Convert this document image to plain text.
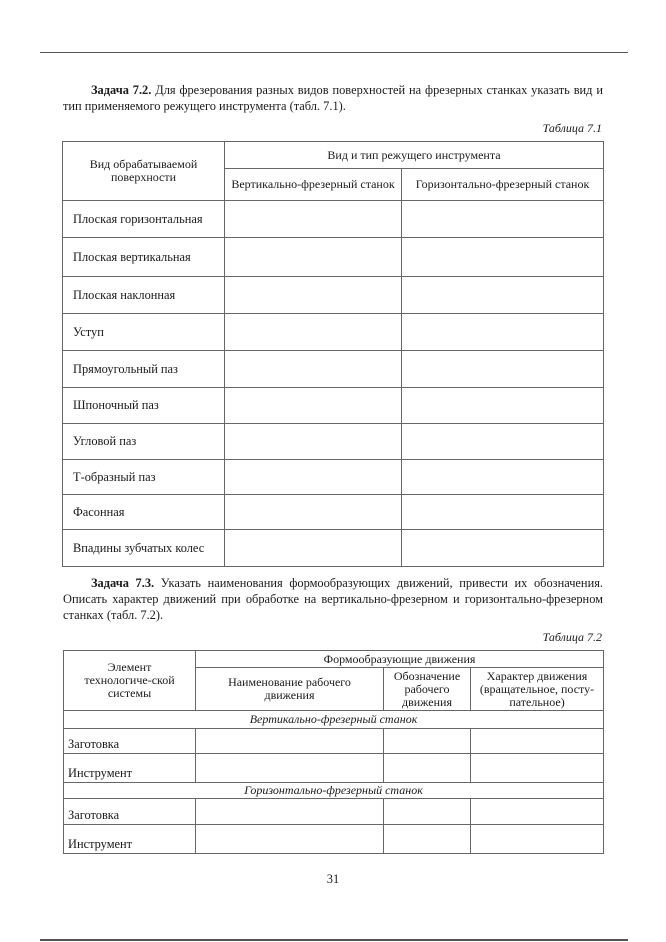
Задача 7.2. Для фрезерования разных видов поверхностей на фрезерных станках указать вид и тип применяемого режущего инструмента (табл. 7.1).
Таблица 7.1
Вид обрабатываемой поверхности	Вид и тип режущего инструмента	
	Вертикально-фрезерный станок	Горизонтально-фрезерный станок
Плоская горизонтальная		
Плоская вертикальная		
Плоская наклонная		
Уступ		
Прямоугольный паз		
Шпоночный паз		
Угловой паз		
Т-образный паз		
Фасонная		
Впадины зубчатых колес		
Задача 7.3. Указать наименования формообразующих движений, привести их обозначения. Описать характер движений при обработке на вертикально-фрезерном и горизонтально-фрезерном станках (табл. 7.2).
Таблица 7.2
Элемент технологиче-ской системы	Формообразующие движения		
	Наименование рабочего движения	Обозначение рабочего движения	Характер движения (вращательное, посту-пательное)
Вертикально-фрезерный станок			
Заготовка			
Инструмент			
Горизонтально-фрезерный станок			
Заготовка			
Инструмент			
31
